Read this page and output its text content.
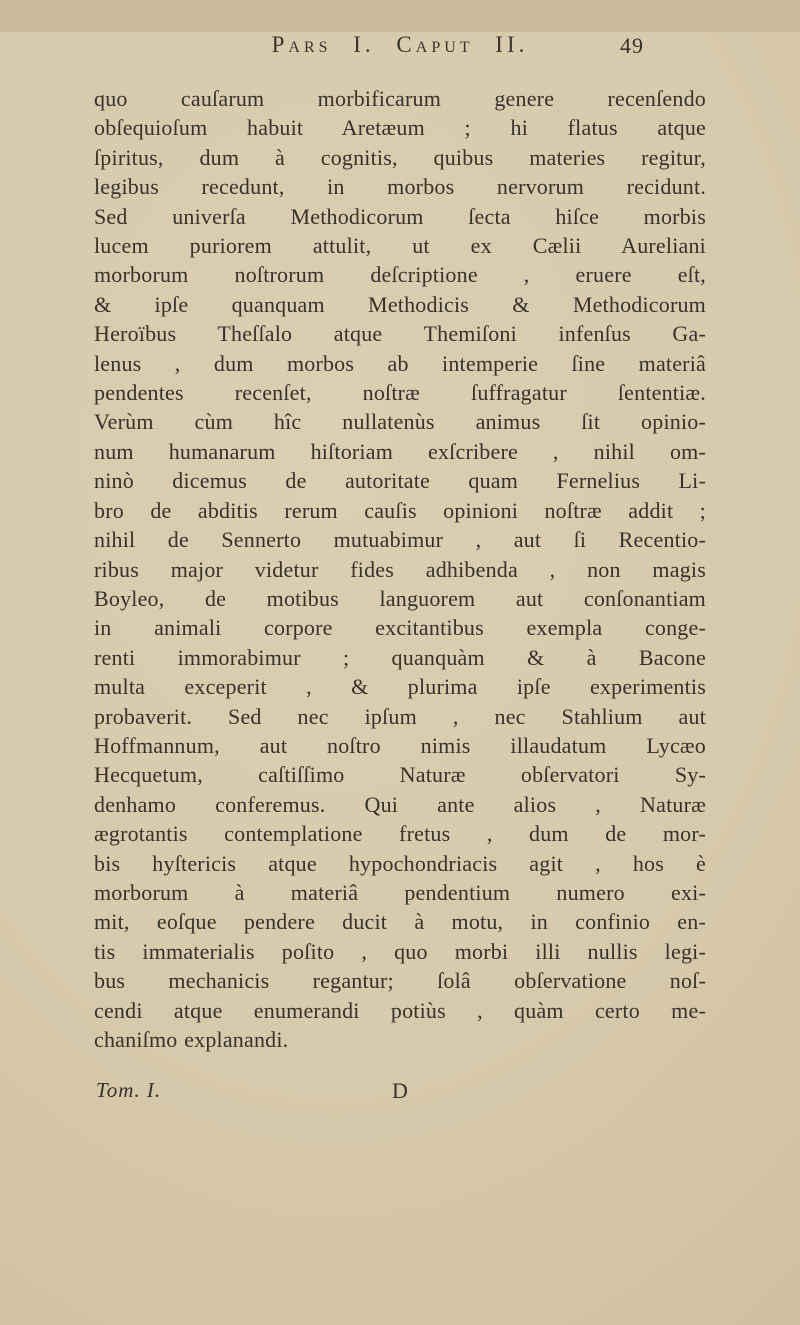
Pars I. Caput II.	49

quo cauſarum morbificarum genere recenſendo

obſequioſum habuit Aretæum ; hi flatus atque

ſpiritus, dum à cognitis, quibus materies regitur,

legibus recedunt, in morbos nervorum recidunt.

Sed univerſa Methodicorum ſecta hiſce morbis

lucem puriorem attulit, ut ex Cælii Aureliani

morborum noſtrorum deſcriptione , eruere eſt,

& ipſe quanquam Methodicis & Methodicorum

Heroïbus Theſſalo atque Themiſoni infenſus Ga-

lenus , dum morbos ab intemperie ſine materiâ

pendentes recenſet, noſtræ ſuffragatur ſententiæ.

Verùm cùm hîc nullatenùs animus ſit opinio-

num humanarum hiſtoriam exſcribere , nihil om-

ninò dicemus de autoritate quam Fernelius Li-

bro de abditis rerum cauſis opinioni noſtræ addit ;

nihil de Sennerto mutuabimur , aut ſi Recentio-

ribus major videtur fides adhibenda , non magis

Boyleo, de motibus languorem aut conſonantiam

in animali corpore excitantibus exempla conge-

renti immorabimur ; quanquàm & à Bacone

multa exceperit , & plurima ipſe experimentis

probaverit. Sed nec ipſum , nec Stahlium aut

Hoffmannum, aut noſtro nimis illaudatum Lycæo

Hecquetum, caſtiſſimo Naturæ obſervatori Sy-

denhamo conferemus. Qui ante alios , Naturæ

ægrotantis contemplatione fretus , dum de mor-

bis hyſtericis atque hypochondriacis agit , hos è

morborum à materiâ pendentium numero exi-

mit, eoſque pendere ducit à motu, in confinio en-

tis immaterialis poſito , quo morbi illi nullis legi-

bus mechanicis regantur; ſolâ obſervatione noſ-

cendi atque enumerandi potiùs , quàm certo me-

chaniſmo explanandi.

Tom. I.	D
